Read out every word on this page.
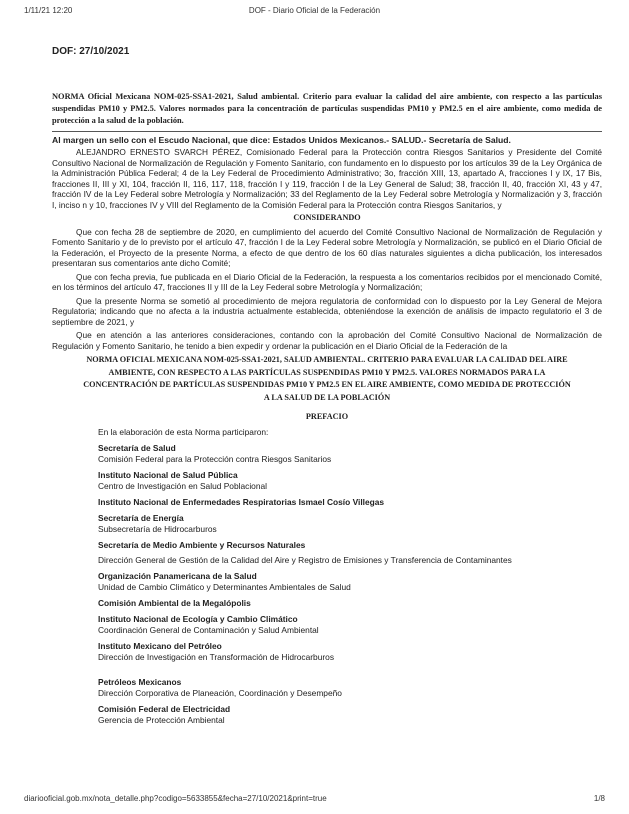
1/11/21 12:20	DOF - Diario Oficial de la Federación
DOF: 27/10/2021
NORMA Oficial Mexicana NOM-025-SSA1-2021, Salud ambiental. Criterio para evaluar la calidad del aire ambiente, con respecto a las partículas suspendidas PM10 y PM2.5. Valores normados para la concentración de partículas suspendidas PM10 y PM2.5 en el aire ambiente, como medida de protección a la salud de la población.
Al margen un sello con el Escudo Nacional, que dice: Estados Unidos Mexicanos.- SALUD.- Secretaría de Salud.

ALEJANDRO ERNESTO SVARCH PÉREZ, Comisionado Federal para la Protección contra Riesgos Sanitarios y Presidente del Comité Consultivo Nacional de Normalización de Regulación y Fomento Sanitario, con fundamento en lo dispuesto por los artículos 39 de la Ley Orgánica de la Administración Pública Federal; 4 de la Ley Federal de Procedimiento Administrativo; 3o, fracción XIII, 13, apartado A, fracciones I y IX, 17 Bis, fracciones II, III y XI, 104, fracción II, 116, 117, 118, fracción I y 119, fracción I de la Ley General de Salud; 38, fracción II, 40, fracción XI, 43 y 47, fracción IV de la Ley Federal sobre Metrología y Normalización; 33 del Reglamento de la Ley Federal sobre Metrología y Normalización y 3, fracción I, inciso n y 10, fracciones IV y VIII del Reglamento de la Comisión Federal para la Protección contra Riesgos Sanitarios, y

CONSIDERANDO

Que con fecha 28 de septiembre de 2020, en cumplimiento del acuerdo del Comité Consultivo Nacional de Normalización de Regulación y Fomento Sanitario y de lo previsto por el artículo 47, fracción I de la Ley Federal sobre Metrología y Normalización, se publicó en el Diario Oficial de la Federación, el Proyecto de la presente Norma, a efecto de que dentro de los 60 días naturales siguientes a dicha publicación, los interesados presentaran sus comentarios ante dicho Comité;

Que con fecha previa, fue publicada en el Diario Oficial de la Federación, la respuesta a los comentarios recibidos por el mencionado Comité, en los términos del artículo 47, fracciones II y III de la Ley Federal sobre Metrología y Normalización;

Que la presente Norma se sometió al procedimiento de mejora regulatoria de conformidad con lo dispuesto por la Ley General de Mejora Regulatoria; indicando que no afecta a la industria actualmente establecida, obteniéndose la exención de análisis de impacto regulatorio el 3 de septiembre de 2021, y

Que en atención a las anteriores consideraciones, contando con la aprobación del Comité Consultivo Nacional de Normalización de Regulación y Fomento Sanitario, he tenido a bien expedir y ordenar la publicación en el Diario Oficial de la Federación de la

NORMA OFICIAL MEXICANA NOM-025-SSA1-2021, SALUD AMBIENTAL. CRITERIO PARA EVALUAR LA CALIDAD DEL AIRE AMBIENTE, CON RESPECTO A LAS PARTÍCULAS SUSPENDIDAS PM10 Y PM2.5. VALORES NORMADOS PARA LA CONCENTRACIÓN DE PARTÍCULAS SUSPENDIDAS PM10 Y PM2.5 EN EL AIRE AMBIENTE, COMO MEDIDA DE PROTECCIÓN A LA SALUD DE LA POBLACIÓN
PREFACIO
En la elaboración de esta Norma participaron:
Secretaría de Salud
Comisión Federal para la Protección contra Riesgos Sanitarios
Instituto Nacional de Salud Pública
Centro de Investigación en Salud Poblacional
Instituto Nacional de Enfermedades Respiratorias Ismael Cosío Villegas
Secretaría de Energía
Subsecretaría de Hidrocarburos
Secretaría de Medio Ambiente y Recursos Naturales
Dirección General de Gestión de la Calidad del Aire y Registro de Emisiones y Transferencia de Contaminantes
Organización Panamericana de la Salud
Unidad de Cambio Climático y Determinantes Ambientales de Salud
Comisión Ambiental de la Megalópolis
Instituto Nacional de Ecología y Cambio Climático
Coordinación General de Contaminación y Salud Ambiental
Instituto Mexicano del Petróleo
Dirección de Investigación en Transformación de Hidrocarburos
Petróleos Mexicanos
Dirección Corporativa de Planeación, Coordinación y Desempeño
Comisión Federal de Electricidad
Gerencia de Protección Ambiental
diariooficial.gob.mx/nota_detalle.php?codigo=5633855&fecha=27/10/2021&print=true	1/8
